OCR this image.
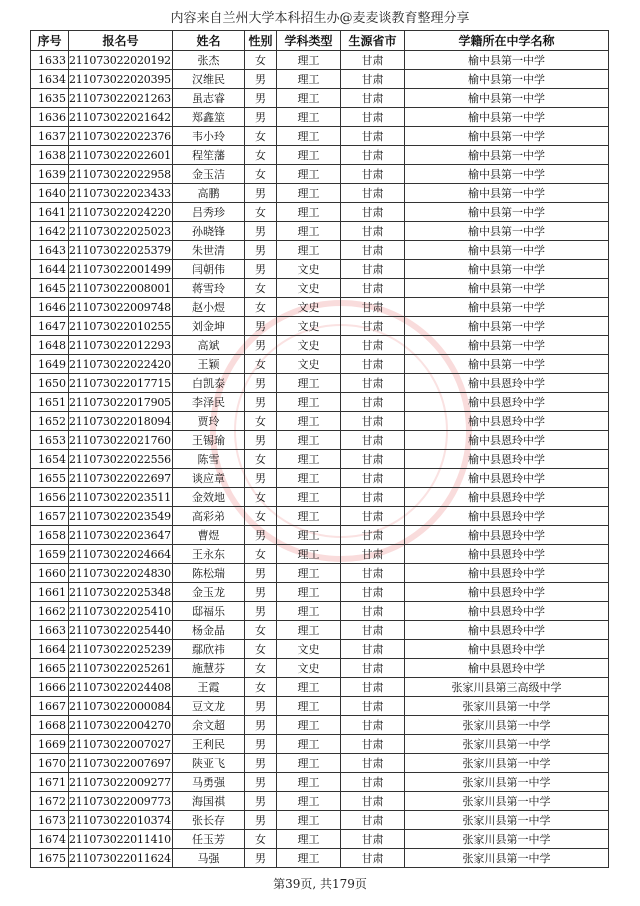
内容来自兰州大学本科招生办@麦麦谈教育整理分享
序号	报名号	姓名	性别	学科类型	生源省市	学籍所在中学名称
1633	21107302202019​2	张杰	女	理工	甘肃	榆中县第一中学
1634	211073022020395	汉维民	男	理工	甘肃	榆中县第一中学
1635	211073022021263	虽志睿	男	理工	甘肃	榆中县第一中学
1636	211073022021642	郑鑫筮	男	理工	甘肃	榆中县第一中学
1637	211073022022376	韦小玲	女	理工	甘肃	榆中县第一中学
1638	211073022022601	程笙藩	女	理工	甘肃	榆中县第一中学
1639	211073022022958	金玉洁	女	理工	甘肃	榆中县第一中学
1640	211073022023433	高鹏	男	理工	甘肃	榆中县第一中学
1641	211073022024220	吕秀珍	女	理工	甘肃	榆中县第一中学
1642	211073022025023	孙晓锋	男	理工	甘肃	榆中县第一中学
1643	211073022025379	朱世清	男	理工	甘肃	榆中县第一中学
1644	211073022001499	闫朝伟	男	文史	甘肃	榆中县第一中学
1645	211073022008001	蒋雪玲	女	文史	甘肃	榆中县第一中学
1646	211073022009748	赵小煜	女	文史	甘肃	榆中县第一中学
1647	211073022010255	刘金坤	男	文史	甘肃	榆中县第一中学
1648	211073022012293	高斌	男	文史	甘肃	榆中县第一中学
1649	211073022022420	王颖	女	文史	甘肃	榆中县第一中学
1650	211073022017715	白凯泰	男	理工	甘肃	榆中县恩玲中学
1651	211073022017905	李泽民	男	理工	甘肃	榆中县恩玲中学
1652	211073022018094	贾玲	女	理工	甘肃	榆中县恩玲中学
1653	211073022021760	王锡瑜	男	理工	甘肃	榆中县恩玲中学
1654	211073022022556	陈雪	女	理工	甘肃	榆中县恩玲中学
1655	211073022022697	谈应章	男	理工	甘肃	榆中县恩玲中学
1656	211073022023511	金效地	女	理工	甘肃	榆中县恩玲中学
1657	211073022023549	高彩弟	女	理工	甘肃	榆中县恩玲中学
1658	211073022023647	曹煜	男	理工	甘肃	榆中县恩玲中学
1659	211073022024664	王永东	女	理工	甘肃	榆中县恩玲中学
1660	211073022024830	陈松瑞	男	理工	甘肃	榆中县恩玲中学
1661	211073022025348	金玉龙	男	理工	甘肃	榆中县恩玲中学
1662	211073022025410	邸福乐	男	理工	甘肃	榆中县恩玲中学
1663	211073022025440	杨金晶	女	理工	甘肃	榆中县恩玲中学
1664	211073022025239	鄢欣祎	女	文史	甘肃	榆中县恩玲中学
1665	211073022025261	施慧芬	女	文史	甘肃	榆中县恩玲中学
1666	211073022024408	王霞	女	理工	甘肃	张家川县第三高级中学
1667	211073022000084	豆文龙	男	理工	甘肃	张家川县第一中学
1668	211073022004270	余文超	男	理工	甘肃	张家川县第一中学
1669	211073022007027	王利民	男	理工	甘肃	张家川县第一中学
1670	211073022007697	陕亚飞	男	理工	甘肃	张家川县第一中学
1671	211073022009277	马勇强	男	理工	甘肃	张家川县第一中学
1672	211073022009773	海国祺	男	理工	甘肃	张家川县第一中学
1673	211073022010374	张长存	男	理工	甘肃	张家川县第一中学
1674	211073022011410	任玉芳	女	理工	甘肃	张家川县第一中学
1675	211073022011624	马强	男	理工	甘肃	张家川县第一中学
第39页, 共179页
